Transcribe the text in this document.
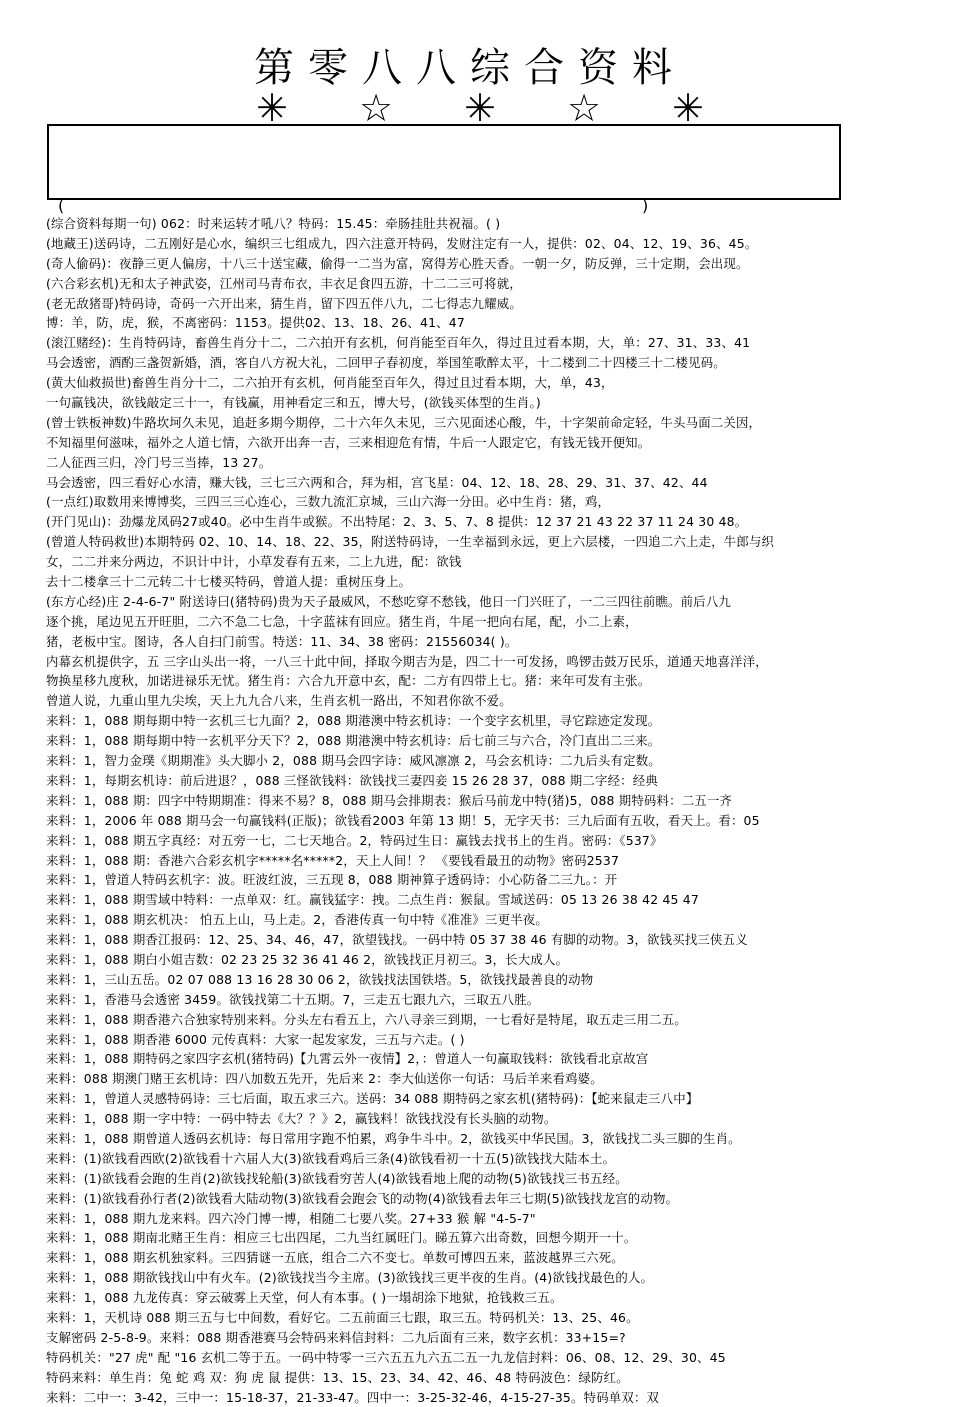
第零八八综合资料
✳ ☆ ✳ ☆ ✳
(	)
(综合资料每期一句) 062：时来运转才吼八？特码：15.45：牵肠挂肚共祝福。( )
(地藏王)送码诗，二五刚好是心水，编织三七组成九，四六注意开特码，发财注定有一人，提供：02、04、12、19、36、45。
(奇人偷码)：夜静三更人偏房，十八三十送宝藏，偷得一二当为富，窝得芳心胜天香。一朝一夕，防反弹，三十定期，会出现。
(六合彩玄机)无和太子神武姿，江州司马青布衣，丰衣足食四五游，十二二三可将就，
(老无敌猪哥)特码诗，奇码一六开出来，猜生肖，留下四五伴八九，二七得志九耀威。
博：羊，防，虎，猴，不离密码：1153。提供02、13、18、26、41、47
(滚江赌经)：生肖特码诗，畜兽生肖分十二，二六拍开有玄机，何肖能至百年久，得过且过看本期，大，单：27、31、33、41
马会透密，酒酌三盏贺新婚，酒，客自八方祝大礼，二回甲子春初度，举国笙歌醉太平，十二楼到二十四楼三十二楼见码。
(黄大仙救损世)畜兽生肖分十二，二六拍开有玄机，何肖能至百年久，得过且过看本期，大，单，43，
一句赢钱决，欲钱敲定三十一，有钱赢，用神看定三和五，博大号，(欲钱买体型的生肖。)
(曾士铁板神数)牛路坎坷久未见，追赶多期今期停，二十六年久未见，三六见面述心酸，牛，十字架前命定轻，牛头马面二关因，
不知福里何滋味，福外之人道七情，六欲开出奔一吉，三来相迎危有情，牛后一人跟定它，有钱无钱开便知。
二人征西三归，冷门号三当捧，13 27。
马会透密，四三看好心水清，赚大钱，三七三六两和合，拜为相，宫飞星：04、12、18、28、29、31、37、42、44
(一点红)取数用来博博奖，三四三三心连心，三数九流汇京城，三山六海一分田。必中生肖：猪，鸡，
(开门见山)：劲爆龙凤码27或40。必中生肖牛或猴。不出特尾：2、3、5、7、8 提供：12 37 21 43 22 37 11 24 30 48。
(曾道人特码救世)本期特码 02、10、14、18、22、35，附送特码诗，一生幸福到永远，更上六层楼，一四追二六上走，牛郎与织
女，二二并来分两边，不识计中计，小草发春有五来，二上九进，配：欲钱
去十二楼拿三十二元转二十七楼买特码，曾道人提：重树压身上。
(东方心经)庄 2-4-6-7" 附送诗曰(猪特码)贵为天子最威风，不愁吃穿不愁钱，他日一门兴旺了，一二三四往前瞧。前后八九
逐个挑，尾边见五开旺胆，二六不急二七急，十字蓝袜有回应。猪生肖，牛尾一把向右尾，配，小二上素，
猪，老板中宝。图诗，各人自扫门前雪。特送：11、34、38 密码：21556034( )。
内幕玄机提供字，五 三字山头出一将，一八三十此中间，择取今期吉为是，四二十一可发扬，鸣锣击鼓万民乐，道通天地喜洋洋，
物换星移九度秋，加诺进禄乐无忧。猪生肖：六合九开意中玄，配：二方有四带上七。猪：来年可发有主张。
曾道人说，九重山里九尖埃，天上九九合八来，生肖玄机一路出，不知君你欲不爱。
来料：1，088 期每期中特一玄机三七九面？2，088 期港澳中特玄机诗：一个变字玄机里，寻它踪迹定发现。
来料：1，088 期每期中特一玄机平分天下？2，088 期港澳中特玄机诗：后七前三与六合，冷门直出二三来。
来料：1，智力金璞《期期准》头大脚小 2，088 期马会四字诗：威风凛凛 2，马会玄机诗：二九后头有定数。
来料：1，每期玄机诗：前后进退？，088 三怪欲钱料：欲钱找三妻四妾 15 26 28 37，088 期二字经：经典
来料：1，088 期：四字中特期期准：得来不易？8，088 期马会排期表：猴后马前龙中特(猪)5，088 期特码料：二五一齐
来料：1，2006 年 088 期马会一句赢钱料(正版)；欲钱看2003 年第 13 期！5，无字天书：三九后面有五收，看天上。看：05
来料：1，088 期五字真经：对五旁一七，二七天地合。2，特码过生日：赢钱去找书上的生肖。密码：《537》
来料：1，088 期：香港六合彩玄机字*****名*****2，天上人间！？ 《要钱看最丑的动物》密码2537
来料：1，曾道人特码玄机字：波。旺波红波，三五现 8，088 期神算子透码诗：小心防备二三九。：开
来料：1，088 期雪域中特料：一点单双：红。赢钱猛字：拽。二点生肖：猴鼠。雪域送码：05 13 26 38 42 45 47
来料：1，088 期玄机决： 怕五上山，马上走。2，香港传真一句中特《准准》三更半夜。
来料：1，088 期香江报码：12、25、34、46，47，欲望钱找。一码中特 05 37 38 46 有脚的动物。3，欲钱买找三侠五义
来料：1，088 期白小姐吉数：02 23 25 32 36 41 46 2，欲钱找正月初三。3，长大成人。
来料：1，三山五岳。02 07 088 13 16 28 30 06 2，欲钱找法国铁塔。5，欲钱找最善良的动物
来料：1，香港马会透密 3459。欲钱找第二十五期。7，三走五七跟九六，三取五八胜。
来料：1，088 期香港六合独家特别来料。分头左右看五上，六八寻亲三到期，一七看好是特尾，取五走三用二五。
来料：1，088 期香港 6000 元传真料：大家一起发家发，三五与六走。( )
来料：1，088 期特码之家四字玄机(猪特码)【九霄云外一夜情】2，：曾道人一句赢取钱料：欲钱看北京故宫
来料：088 期澳门赌王玄机诗：四八加数五先开，先后来 2：李大仙送你一句话：马后羊来看鸡婆。
来料：1，曾道人灵感特码诗：三七后面，取五求三六。送码：34 088 期特码之家玄机(猪特码)：【蛇来鼠走三八中】
来料：1，088 期一字中特：一码中特去《大？？》2，赢钱料！欲钱找没有长头脑的动物。
来料：1，088 期曾道人透码玄机诗：每日常用字跑不怕累，鸡争牛斗中。2，欲钱买中华民国。3，欲钱找二头三脚的生肖。
来料：(1)欲钱看西欧(2)欲钱看十六届人大(3)欲钱看鸡后三条(4)欲钱看初一十五(5)欲钱找大陆本土。
来料：(1)欲钱看会跑的生肖(2)欲钱找轮船(3)欲钱看穷苦人(4)欲钱看地上爬的动物(5)欲钱找三书五经。
来料：(1)欲钱看孙行者(2)欲钱看大陆动物(3)欲钱看会跑会飞的动物(4)欲钱看去年三七期(5)欲钱找龙宫的动物。
来料：1，088 期九龙来料。四六冷门博一博，相随二七要八奖。27+33 猴 解 "4-5-7"
来料：1，088 期南北赌王生肖：相应三七出四尾，二九当红属旺门。睇五算六出奇数，回想今期开一十。
来料：1，088 期玄机独家料。三四猜谜一五底，组合二六不变七。单数可博四五来，蓝波越界三六死。
来料：1，088 期欲钱找山中有火车。(2)欲钱找当今主席。(3)欲钱找三更半夜的生肖。(4)欲钱找最色的人。
来料：1，088 九龙传真：穿云破雾上天堂，何人有本事。( )一塌胡涂下地狱，抢钱救三五。
来料：1，天机诗 088 期三五与七中间数，看好它。二五前面三七跟，取三五。特码机关：13、25、46。
支解密码 2-5-8-9。来料：088 期香港赛马会特码来料信封料：二九后面有三来，数字玄机：33+15=?
特码机关："27 虎" 配 "16 玄机二等于五。一码中特零一三六五五九六五二五一九龙信封料：06、08、12、29、30、45
特码来料：单生肖：兔 蛇 鸡 双：狗 虎 鼠 提供：13、15、23、34、42、46、48 特码波色：绿防红。
来料：二中一：3-42，三中一：15-18-37，21-33-47。四中一：3-25-32-46，4-15-27-35。特码单双：双
